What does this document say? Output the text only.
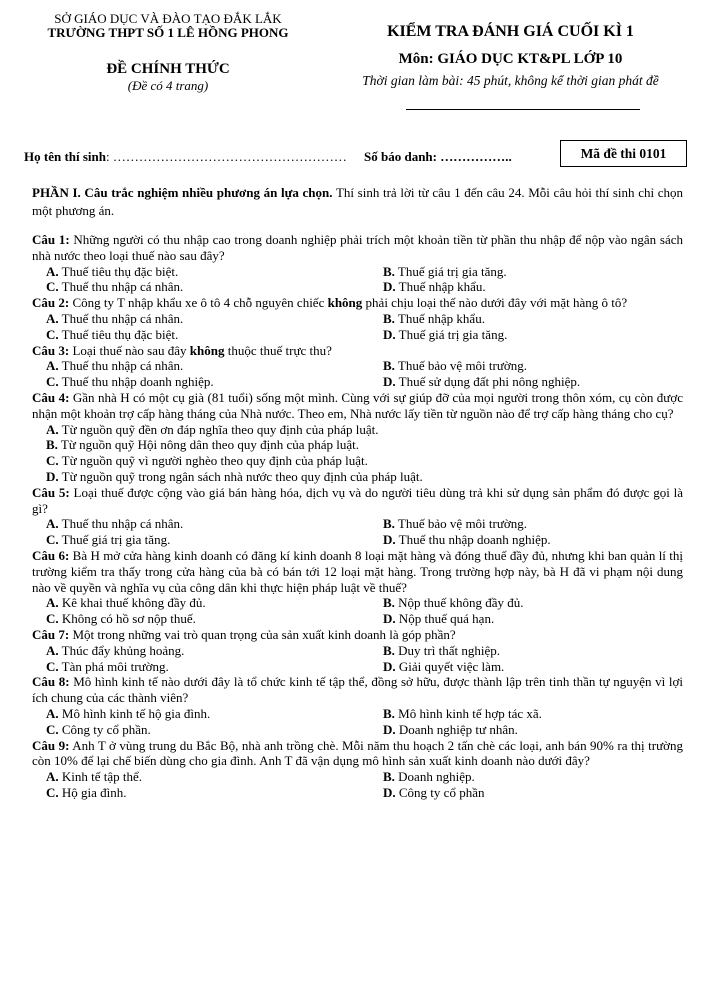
SỞ GIÁO DỤC VÀ ĐÀO TẠO ĐẮK LẮK
TRƯỜNG THPT SỐ 1 LÊ HỒNG PHONG
ĐỀ CHÍNH THỨC
(Đề có 4 trang)
KIỂM TRA ĐÁNH GIÁ CUỐI KÌ 1
Môn: GIÁO DỤC KT&PL LỚP 10
Thời gian làm bài: 45 phút, không kể thời gian phát đề
Họ tên thí sinh: ……………………………………………… Số báo danh: ……………..	Mã đề thi 0101

PHẦN I. Câu trắc nghiệm nhiều phương án lựa chọn. Thí sinh trả lời từ câu 1 đến câu 24. Mỗi câu hỏi thí sinh chỉ chọn một phương án.

Câu 1: Những người có thu nhập cao trong doanh nghiệp phải trích một khoản tiền từ phần thu nhập để nộp vào ngân sách nhà nước theo loại thuế nào sau đây?

A. Thuế tiêu thụ đặc biệt.	B. Thuế giá trị gia tăng.
C. Thuế thu nhập cá nhân.	D. Thuế nhập khẩu.

Câu 2: Công ty T nhập khẩu xe ô tô 4 chỗ nguyên chiếc không phải chịu loại thế nào dưới đây với mặt hàng ô tô?

A. Thuế thu nhập cá nhân.	B. Thuế nhập khẩu.
C. Thuế tiêu thụ đặc biệt.	D. Thuế giá trị gia tăng.

Câu 3: Loại thuế nào sau đây không thuộc thuế trực thu?

A. Thuế thu nhập cá nhân.	B. Thuế bảo vệ môi trường.
C. Thuế thu nhập doanh nghiệp.	D. Thuế sử dụng đất phi nông nghiệp.

Câu 4: Gần nhà H có một cụ già (81 tuổi) sống một mình. Cùng với sự giúp đỡ của mọi người trong thôn xóm, cụ còn được nhận một khoản trợ cấp hàng tháng của Nhà nước. Theo em, Nhà nước lấy tiền từ nguồn nào để trợ cấp hàng tháng cho cụ?

A. Từ nguồn quỹ đền ơn đáp nghĩa theo quy định của pháp luật.
B. Từ nguồn quỹ Hội nông dân theo quy định của pháp luật.
C. Từ nguồn quỹ vì người nghèo theo quy định của pháp luật.
D. Từ nguồn quỹ trong ngân sách nhà nước theo quy định của pháp luật.

Câu 5: Loại thuế được cộng vào giá bán hàng hóa, dịch vụ và do người tiêu dùng trả khi sử dụng sản phẩm đó được gọi là gì?

A. Thuế thu nhập cá nhân.	B. Thuế bảo vệ môi trường.
C. Thuế giá trị gia tăng.	D. Thuế thu nhập doanh nghiệp.

Câu 6: Bà H mở cửa hàng kinh doanh có đăng kí kinh doanh 8 loại mặt hàng và đóng thuế đầy đủ, nhưng khi ban quản lí thị trường kiểm tra thấy trong cửa hàng của bà có bán tới 12 loại mặt hàng. Trong trường hợp này, bà H đã vi phạm nội dung nào về quyền và nghĩa vụ của công dân khi thực hiện pháp luật về thuế?

A. Kê khai thuế không đầy đủ.	B. Nộp thuế không đầy đủ.
C. Không có hồ sơ nộp thuế.	D. Nộp thuế quá hạn.

Câu 7: Một trong những vai trò quan trọng của sản xuất kinh doanh là góp phần?

A. Thúc đẩy khủng hoảng.	B. Duy trì thất nghiệp.
C. Tàn phá môi trường.	D. Giải quyết việc làm.

Câu 8: Mô hình kinh tế nào dưới đây là tổ chức kinh tế tập thể, đồng sở hữu, được thành lập trên tinh thần tự nguyện vì lợi ích chung của các thành viên?

A. Mô hình kinh tế hộ gia đình.	B. Mô hình kinh tế hợp tác xã.
C. Công ty cổ phần.	D. Doanh nghiệp tư nhân.

Câu 9: Anh T ở vùng trung du Bắc Bộ, nhà anh trồng chè. Mỗi năm thu hoạch 2 tấn chè các loại, anh bán 90% ra thị trường còn 10% để lại chế biến dùng cho gia đình. Anh T đã vận dụng mô hình sản xuất kinh doanh nào dưới đây?

A. Kinh tế tập thể.	B. Doanh nghiệp.
C. Hộ gia đình.	D. Công ty cổ phần
